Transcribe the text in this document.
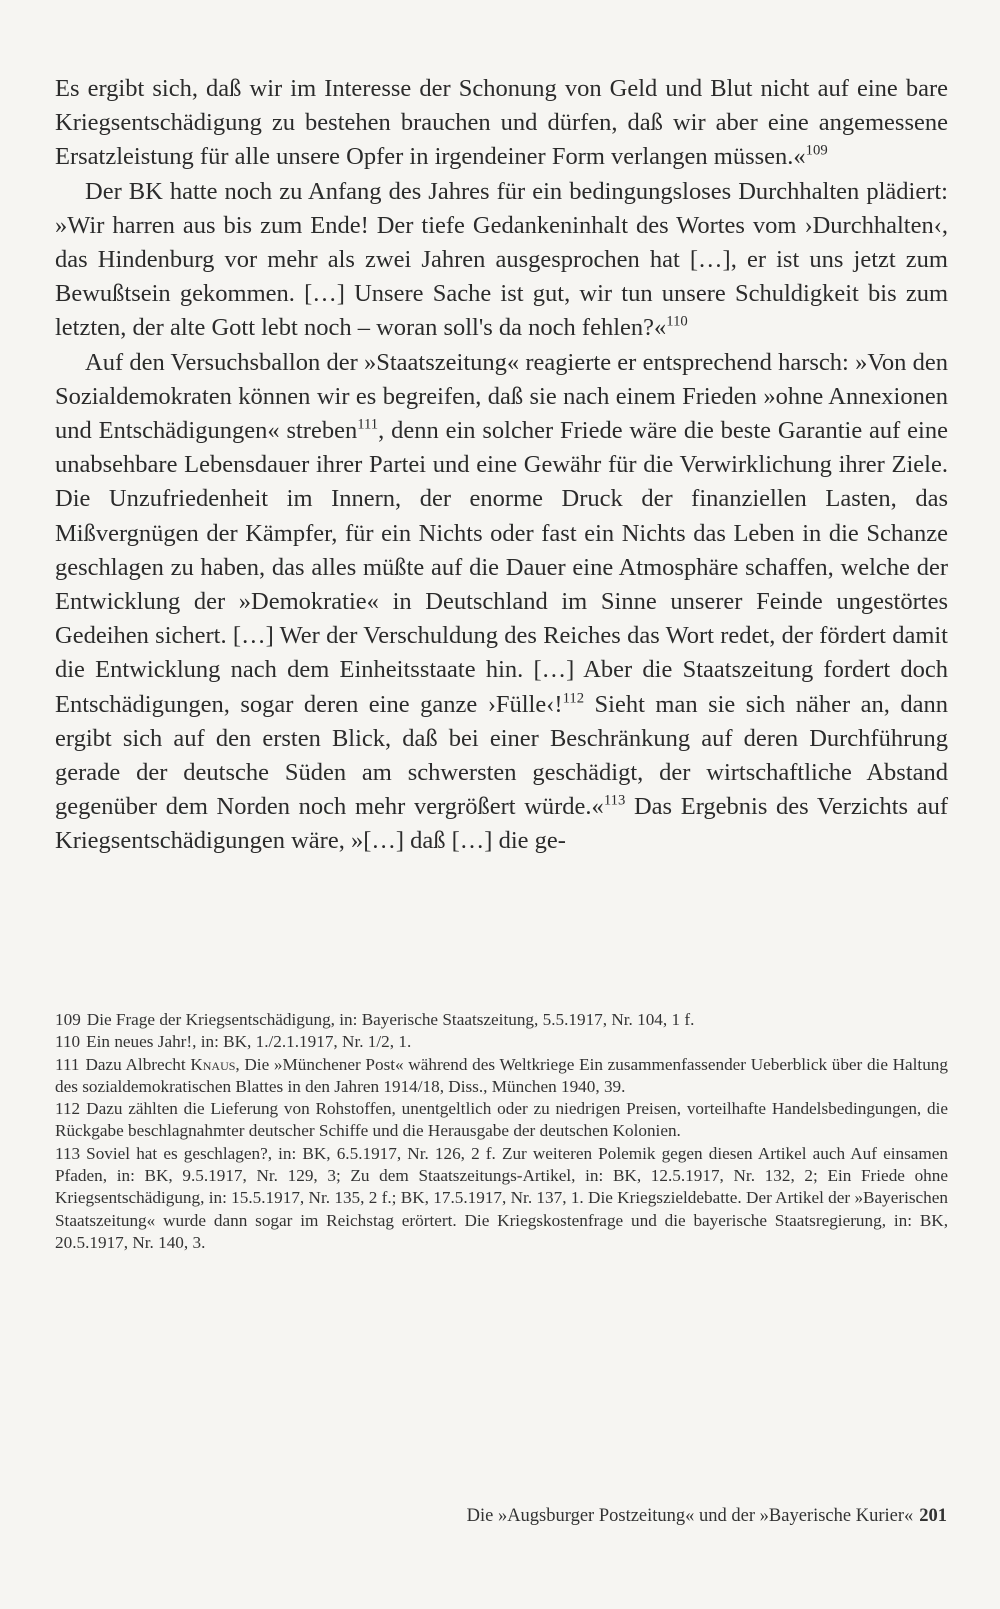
Es ergibt sich, daß wir im Interesse der Schonung von Geld und Blut nicht auf eine bare Kriegsentschädigung zu bestehen brauchen und dürfen, daß wir aber eine angemessene Ersatzleistung für alle unsere Opfer in irgendeiner Form verlangen müssen.«$^{109}$

Der BK hatte noch zu Anfang des Jahres für ein bedingungsloses Durchhalten plädiert: »Wir harren aus bis zum Ende! Der tiefe Gedankeninhalt des Wortes vom ›Durchhalten‹, das Hindenburg vor mehr als zwei Jahren ausgesprochen hat […], er ist uns jetzt zum Bewußtsein gekommen. […] Unsere Sache ist gut, wir tun unsere Schuldigkeit bis zum letzten, der alte Gott lebt noch – woran soll's da noch fehlen?«$^{110}$

Auf den Versuchsballon der »Staatszeitung« reagierte er entsprechend harsch: »Von den Sozialdemokraten können wir es begreifen, daß sie nach einem Frieden »ohne Annexionen und Entschädigungen« streben$^{111}$, denn ein solcher Friede wäre die beste Garantie auf eine unabsehbare Lebensdauer ihrer Partei und eine Gewähr für die Verwirklichung ihrer Ziele. Die Unzufriedenheit im Innern, der enorme Druck der finanziellen Lasten, das Mißvergnügen der Kämpfer, für ein Nichts oder fast ein Nichts das Leben in die Schanze geschlagen zu haben, das alles müßte auf die Dauer eine Atmosphäre schaffen, welche der Entwicklung der »Demokratie« in Deutschland im Sinne unserer Feinde ungestörtes Gedeihen sichert. […] Wer der Verschuldung des Reiches das Wort redet, der fördert damit die Entwicklung nach dem Einheitsstaate hin. […] Aber die Staatszeitung fordert doch Entschädigungen, sogar deren eine ganze ›Fülle‹!$^{112}$ Sieht man sie sich näher an, dann ergibt sich auf den ersten Blick, daß bei einer Beschränkung auf deren Durchführung gerade der deutsche Süden am schwersten geschädigt, der wirtschaftliche Abstand gegenüber dem Norden noch mehr vergrößert würde.«$^{113}$ Das Ergebnis des Verzichts auf Kriegsentschädigungen wäre, »[…] daß […] die ge-

109 Die Frage der Kriegsentschädigung, in: Bayerische Staatszeitung, 5.5.1917, Nr. 104, 1 f.

110 Ein neues Jahr!, in: BK, 1./2.1.1917, Nr. 1/2, 1.

111 Dazu Albrecht Knaus, Die »Münchener Post« während des Weltkriege Ein zusammenfassender Ueberblick über die Haltung des sozialdemokratischen Blattes in den Jahren 1914/18, Diss., München 1940, 39.

112 Dazu zählten die Lieferung von Rohstoffen, unentgeltlich oder zu niedrigen Preisen, vorteilhafte Handelsbedingungen, die Rückgabe beschlagnahmter deutscher Schiffe und die Herausgabe der deutschen Kolonien.

113 Soviel hat es geschlagen?, in: BK, 6.5.1917, Nr. 126, 2 f. Zur weiteren Polemik gegen diesen Artikel auch Auf einsamen Pfaden, in: BK, 9.5.1917, Nr. 129, 3; Zu dem Staatszeitungs-Artikel, in: BK, 12.5.1917, Nr. 132, 2; Ein Friede ohne Kriegsentschädigung, in: 15.5.1917, Nr. 135, 2 f.; BK, 17.5.1917, Nr. 137, 1. Die Kriegszieldebatte. Der Artikel der »Bayerischen Staatszeitung« wurde dann sogar im Reichstag erörtert. Die Kriegskostenfrage und die bayerische Staatsregierung, in: BK, 20.5.1917, Nr. 140, 3.

Die »Augsburger Postzeitung« und der »Bayerische Kurier« 201
